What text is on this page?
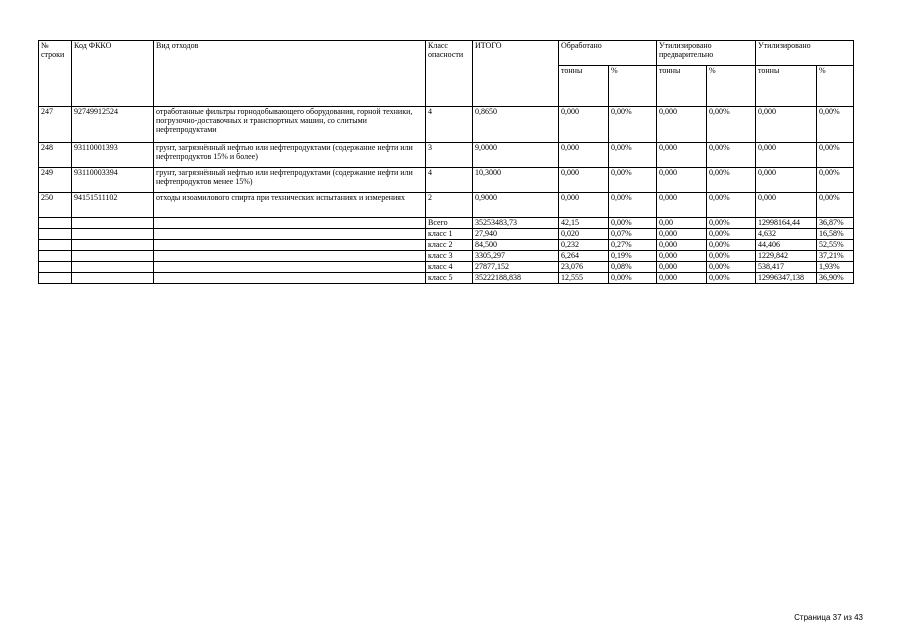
№ строки	Код ФККО	Вид отходов	Класс опасности	ИТОГО	Обработано		Утилизировано предварительно		Утилизировано	
					тонны	%	тонны	%	тонны	%
247	92749912524	отработанные фильтры горнодобывающего оборудования, горной техники, погрузочно-доставочных и транспортных машин, со слитыми нефтепродуктами	4	0,8650	0,000	0,00%	0,000	0,00%	0,000	0,00%
248	93110001393	грунт, загрязнённый нефтью или нефтепродуктами (содержание нефти или нефтепродуктов 15% и более)	3	9,0000	0,000	0,00%	0,000	0,00%	0,000	0,00%
249	93110003394	грунт, загрязнённый нефтью или нефтепродуктами (содержание нефти или нефтепродуктов менее 15%)	4	10,3000	0,000	0,00%	0,000	0,00%	0,000	0,00%
250	94151511102	отходы изоамилового спирта при технических испытаниях и измерениях	2	0,9000	0,000	0,00%	0,000	0,00%	0,000	0,00%
			Всего	35253483,73	42,15	0,00%	0,00	0,00%	12998164,44	36,87%
			класс 1	27,940	0,020	0,07%	0,000	0,00%	4,632	16,58%
			класс 2	84,500	0,232	0,27%	0,000	0,00%	44,406	52,55%
			класс 3	3305,297	6,264	0,19%	0,000	0,00%	1229,842	37,21%
			класс 4	27877,152	23,076	0,08%	0,000	0,00%	538,417	1,93%
			класс 5	35222188,838	12,555	0,00%	0,000	0,00%	12996347,138	36,90%
Страница 37 из 43
